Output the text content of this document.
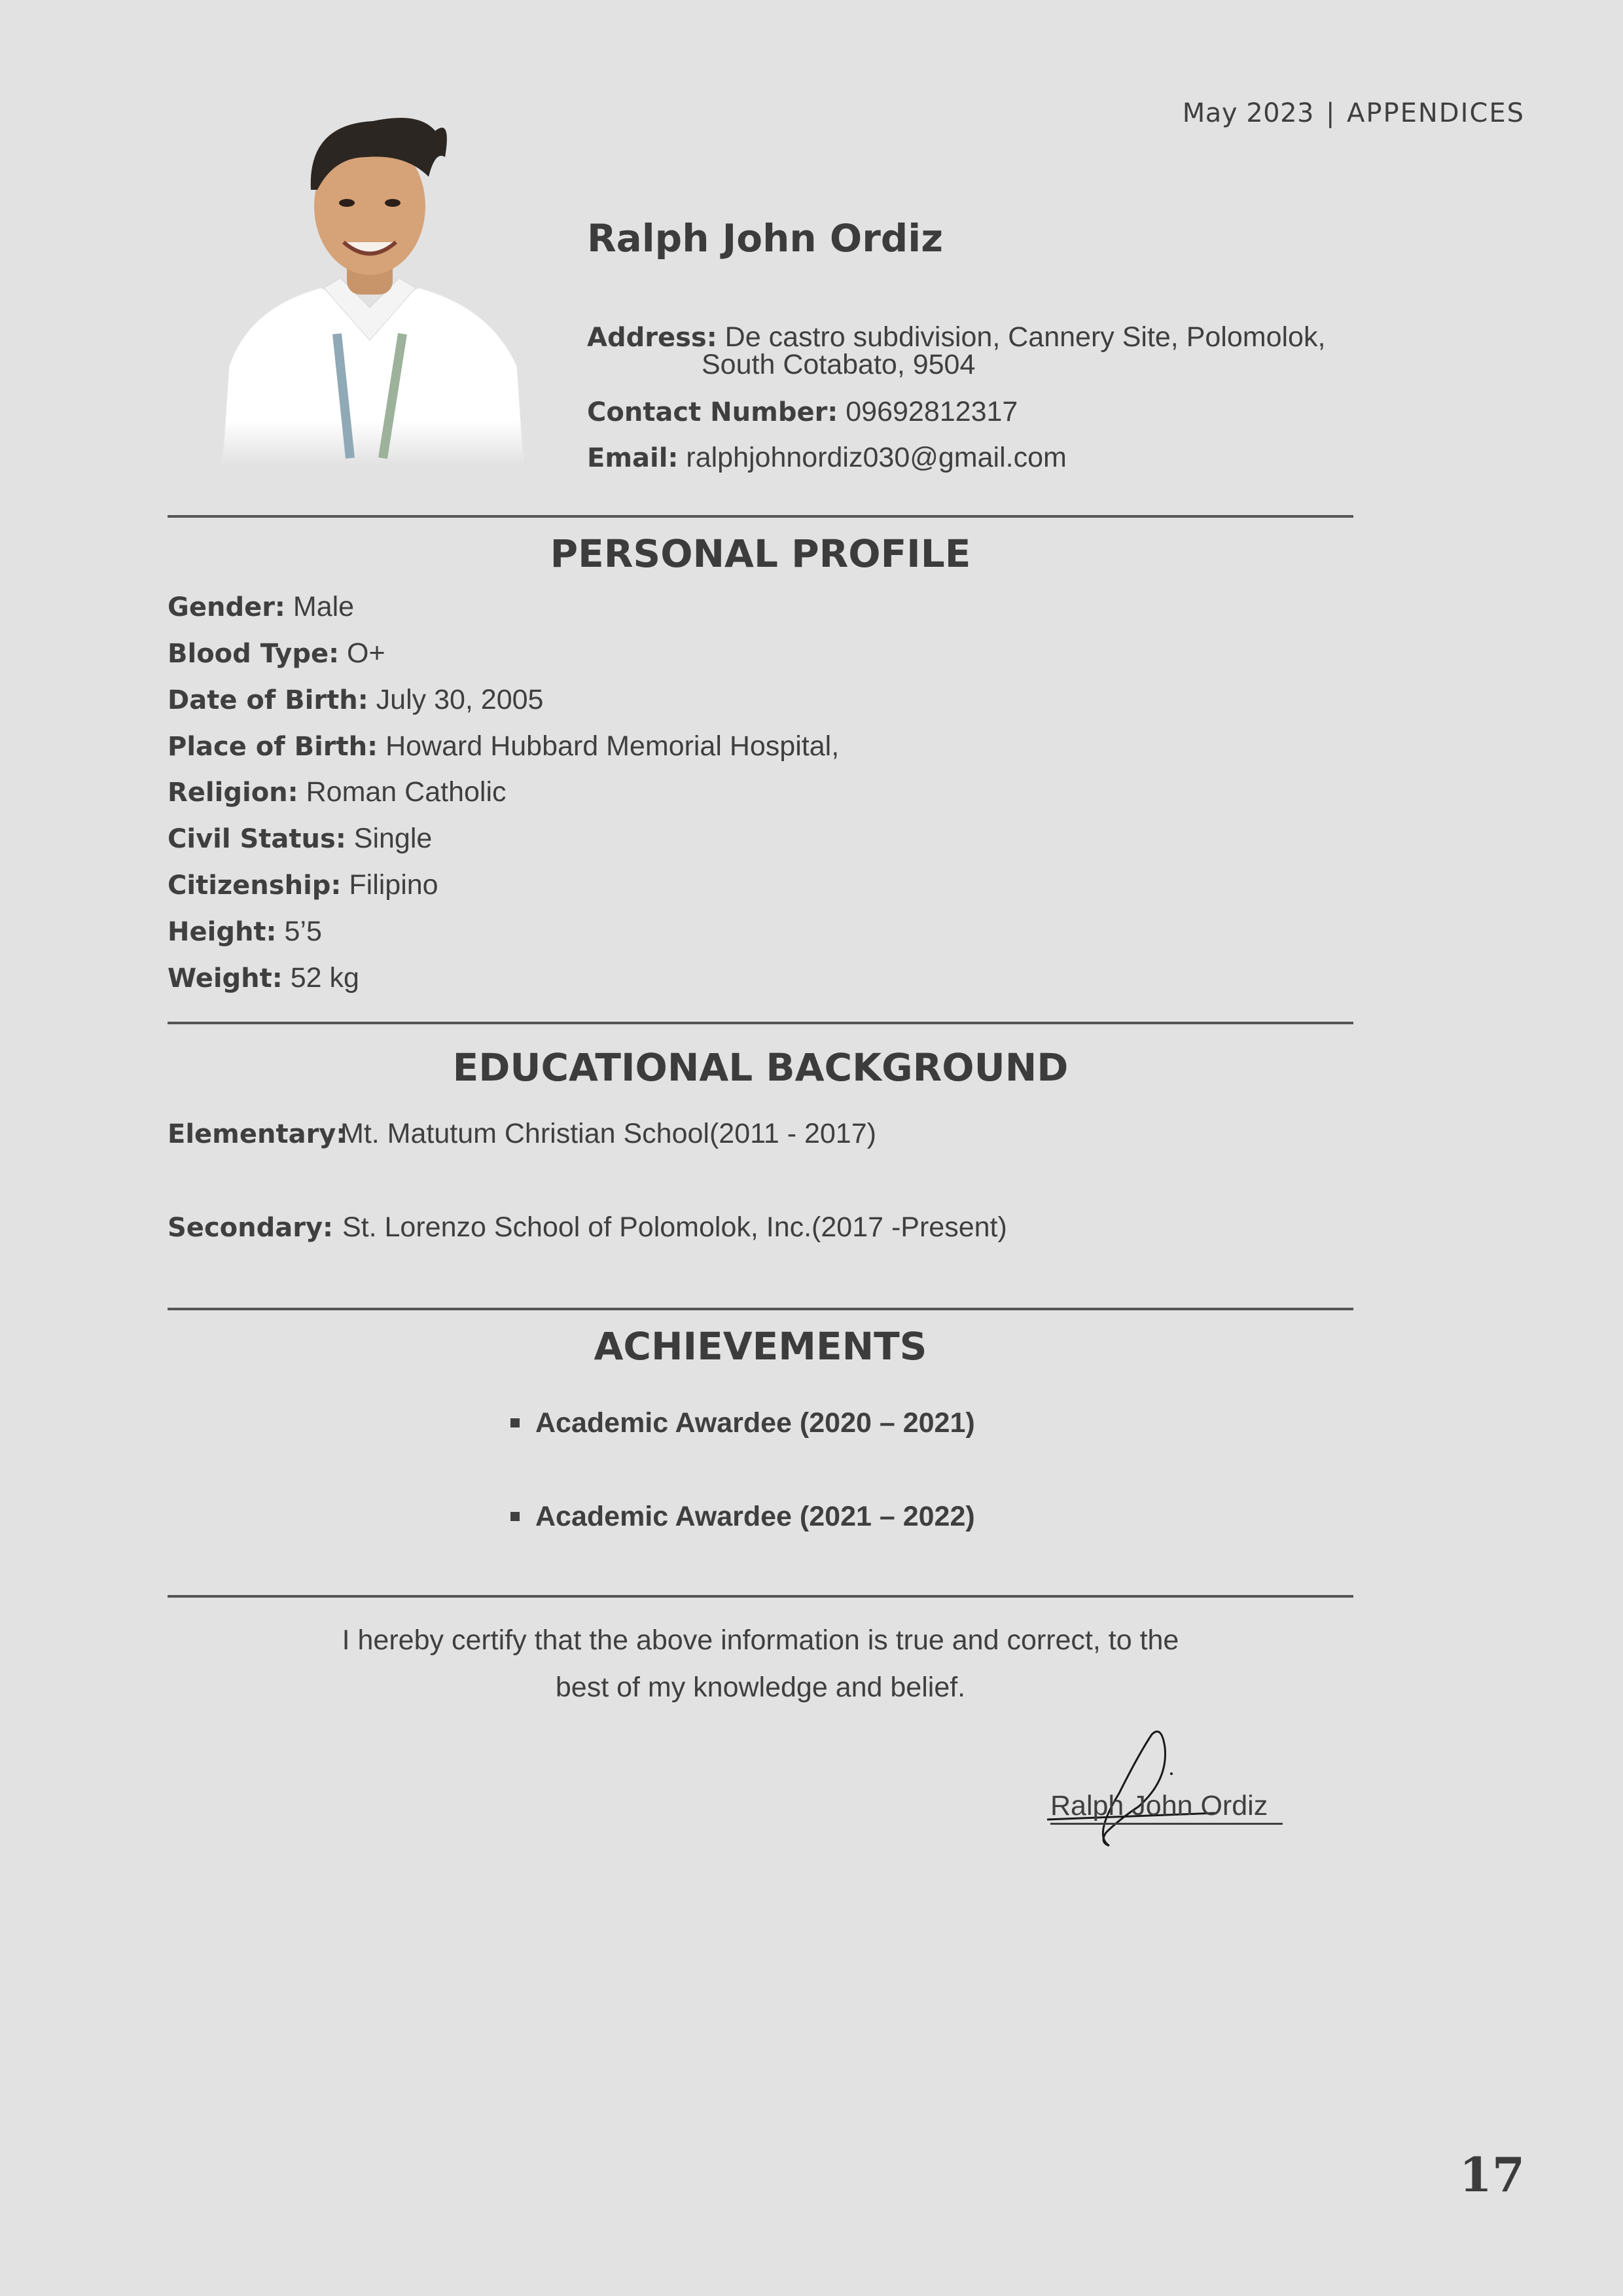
May 2023 | APPENDICES
Ralph John Ordiz
Address: De castro subdivision, Cannery Site, Polomolok,
South Cotabato, 9504
Contact Number: 09692812317
Email: ralphjohnordiz030@gmail.com
PERSONAL PROFILE
Gender: Male
Blood Type: O+
Date of Birth: July 30, 2005
Place of Birth: Howard Hubbard Memorial Hospital,
Religion: Roman Catholic
Civil Status: Single
Citizenship: Filipino
Height: 5’5
Weight: 52 kg
EDUCATIONAL BACKGROUND
Elementary:
Mt. Matutum Christian School(2011 - 2017)
Secondary: St. Lorenzo School of Polomolok, Inc.(2017 -Present)
ACHIEVEMENTS
Academic Awardee (2020 – 2021)
Academic Awardee (2021 – 2022)
I hereby certify that the above information is true and correct, to the
best of my knowledge and belief.
Ralph John Ordiz
17
